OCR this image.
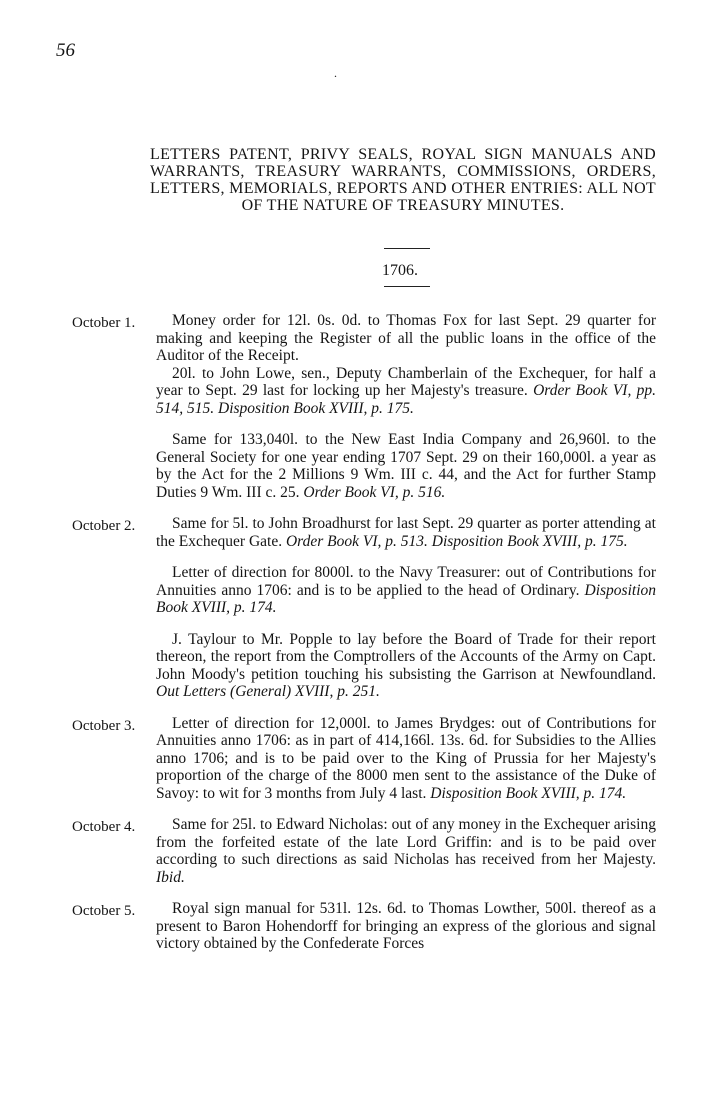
56
.
LETTERS PATENT, PRIVY SEALS, ROYAL SIGN MANUALS AND WARRANTS, TREASURY WARRANTS, COMMISSIONS, ORDERS, LETTERS, MEMORIALS, REPORTS AND OTHER ENTRIES: ALL NOT OF THE NATURE OF TREASURY MINUTES.
1706.
October 1.	Money order for 12l. 0s. 0d. to Thomas Fox for last Sept. 29 quarter for making and keeping the Register of all the public loans in the office of the Auditor of the Receipt.

20l. to John Lowe, sen., Deputy Chamberlain of the Exchequer, for half a year to Sept. 29 last for locking up her Majesty's treasure. Order Book VI, pp. 514, 515. Disposition Book XVIII, p. 175.

Same for 133,040l. to the New East India Company and 26,960l. to the General Society for one year ending 1707 Sept. 29 on their 160,000l. a year as by the Act for the 2 Millions 9 Wm. III c. 44, and the Act for further Stamp Duties 9 Wm. III c. 25. Order Book VI, p. 516.

October 2.	Same for 5l. to John Broadhurst for last Sept. 29 quarter as porter attending at the Exchequer Gate. Order Book VI, p. 513. Disposition Book XVIII, p. 175.

Letter of direction for 8000l. to the Navy Treasurer: out of Contributions for Annuities anno 1706: and is to be applied to the head of Ordinary. Disposition Book XVIII, p. 174.

J. Taylour to Mr. Popple to lay before the Board of Trade for their report thereon, the report from the Comptrollers of the Accounts of the Army on Capt. John Moody's petition touching his subsisting the Garrison at Newfoundland. Out Letters (General) XVIII, p. 251.

October 3.	Letter of direction for 12,000l. to James Brydges: out of Contributions for Annuities anno 1706: as in part of 414,166l. 13s. 6d. for Subsidies to the Allies anno 1706; and is to be paid over to the King of Prussia for her Majesty's proportion of the charge of the 8000 men sent to the assistance of the Duke of Savoy: to wit for 3 months from July 4 last. Disposition Book XVIII, p. 174.

October 4.	Same for 25l. to Edward Nicholas: out of any money in the Exchequer arising from the forfeited estate of the late Lord Griffin: and is to be paid over according to such directions as said Nicholas has received from her Majesty. Ibid.

October 5.	Royal sign manual for 531l. 12s. 6d. to Thomas Lowther, 500l. thereof as a present to Baron Hohendorff for bringing an express of the glorious and signal victory obtained by the Confederate Forces
